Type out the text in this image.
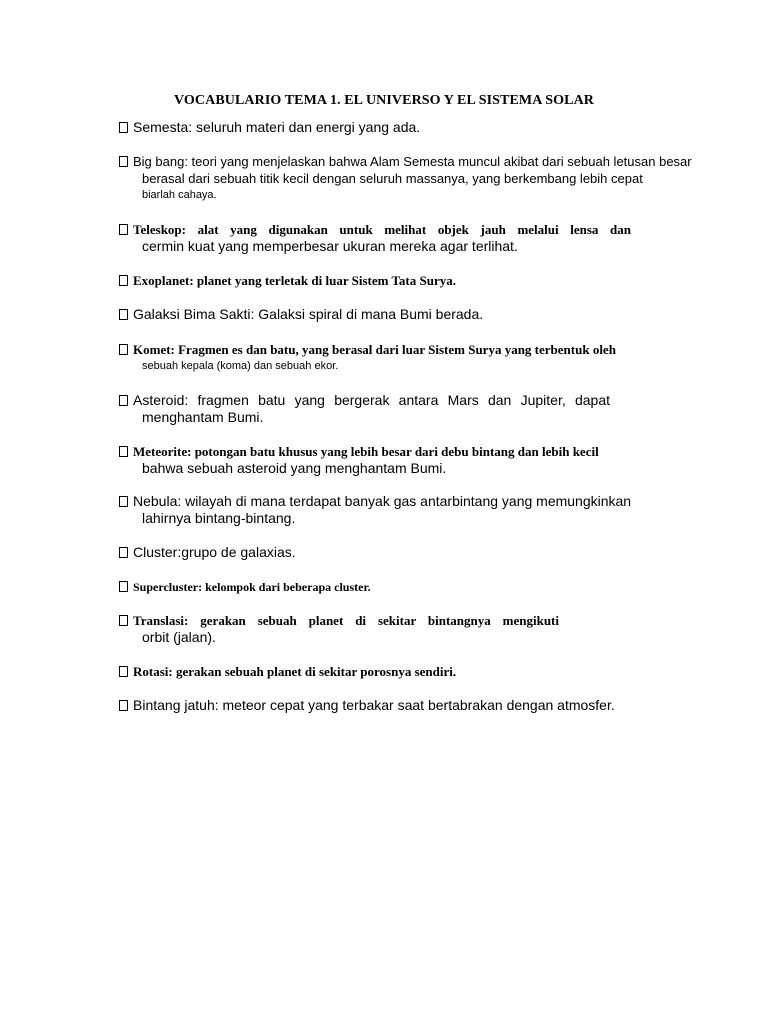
VOCABULARIO TEMA 1. EL UNIVERSO Y EL SISTEMA SOLAR

Semesta: seluruh materi dan energi yang ada.

Big bang: teori yang menjelaskan bahwa Alam Semesta muncul akibat dari sebuah letusan besar
berasal dari sebuah titik kecil dengan seluruh massanya, yang berkembang lebih cepat
biarlah cahaya.

Teleskop: alat yang digunakan untuk melihat objek jauh melalui lensa dan
cermin kuat yang memperbesar ukuran mereka agar terlihat.

Exoplanet: planet yang terletak di luar Sistem Tata Surya.

Galaksi Bima Sakti: Galaksi spiral di mana Bumi berada.

Komet: Fragmen es dan batu, yang berasal dari luar Sistem Surya yang terbentuk oleh
sebuah kepala (koma) dan sebuah ekor.

Asteroid: fragmen batu yang bergerak antara Mars dan Jupiter, dapat
menghantam Bumi.

Meteorite: potongan batu khusus yang lebih besar dari debu bintang dan lebih kecil
bahwa sebuah asteroid yang menghantam Bumi.

Nebula: wilayah di mana terdapat banyak gas antarbintang yang memungkinkan
lahirnya bintang-bintang.

Cluster:grupo de galaxias.

Supercluster: kelompok dari beberapa cluster.

Translasi: gerakan sebuah planet di sekitar bintangnya mengikuti
orbit (jalan).

Rotasi: gerakan sebuah planet di sekitar porosnya sendiri.

Bintang jatuh: meteor cepat yang terbakar saat bertabrakan dengan atmosfer.
